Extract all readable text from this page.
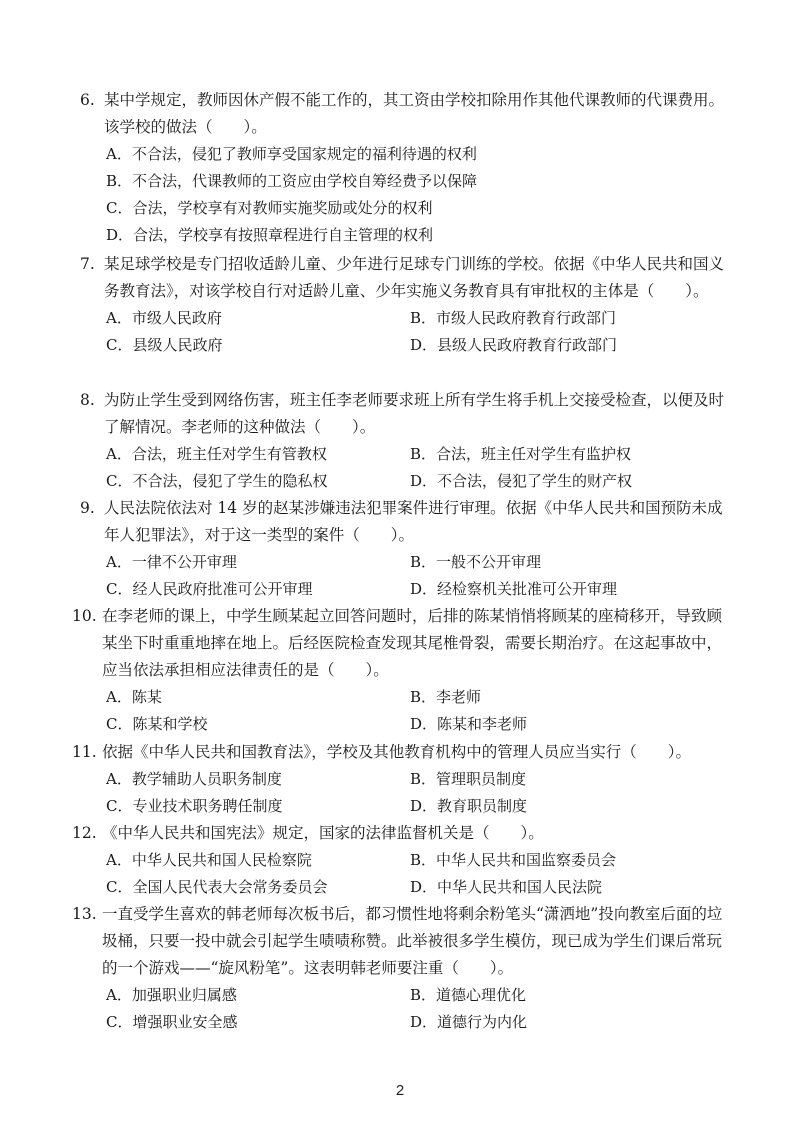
6. 某中学规定，教师因休产假不能工作的，其工资由学校扣除用作其他代课教师的代课费用。该学校的做法（　　）。
A．不合法，侵犯了教师享受国家规定的福利待遇的权利
B．不合法，代课教师的工资应由学校自筹经费予以保障
C．合法，学校享有对教师实施奖励或处分的权利
D．合法，学校享有按照章程进行自主管理的权利
7. 某足球学校是专门招收适龄儿童、少年进行足球专门训练的学校。依据《中华人民共和国义务教育法》，对该学校自行对适龄儿童、少年实施义务教育具有审批权的主体是（　　）。
A．市级人民政府	B．市级人民政府教育行政部门
C．县级人民政府	D．县级人民政府教育行政部门
8. 为防止学生受到网络伤害，班主任李老师要求班上所有学生将手机上交接受检查，以便及时了解情况。李老师的这种做法（　　）。
A．合法，班主任对学生有管教权	B．合法，班主任对学生有监护权
C．不合法，侵犯了学生的隐私权	D．不合法，侵犯了学生的财产权
9. 人民法院依法对 14 岁的赵某涉嫌违法犯罪案件进行审理。依据《中华人民共和国预防未成年人犯罪法》，对于这一类型的案件（　　）。
A．一律不公开审理	B．一般不公开审理
C．经人民政府批准可公开审理	D．经检察机关批准可公开审理
10. 在李老师的课上，中学生顾某起立回答问题时，后排的陈某悄悄将顾某的座椅移开，导致顾某坐下时重重地摔在地上。后经医院检查发现其尾椎骨裂，需要长期治疗。在这起事故中，应当依法承担相应法律责任的是（　　）。
A．陈某	B．李老师
C．陈某和学校	D．陈某和李老师
11. 依据《中华人民共和国教育法》，学校及其他教育机构中的管理人员应当实行（　　）。
A．教学辅助人员职务制度	B．管理职员制度
C．专业技术职务聘任制度	D．教育职员制度
12. 《中华人民共和国宪法》规定，国家的法律监督机关是（　　）。
A．中华人民共和国人民检察院	B．中华人民共和国监察委员会
C．全国人民代表大会常务委员会	D．中华人民共和国人民法院
13. 一直受学生喜欢的韩老师每次板书后，都习惯性地将剩余粉笔头“潇洒地”投向教室后面的垃圾桶，只要一投中就会引起学生啧啧称赞。此举被很多学生模仿，现已成为学生们课后常玩的一个游戏——“旋风粉笔”。这表明韩老师要注重（　　）。
A．加强职业归属感	B．道德心理优化
C．增强职业安全感	D．道德行为内化
2
